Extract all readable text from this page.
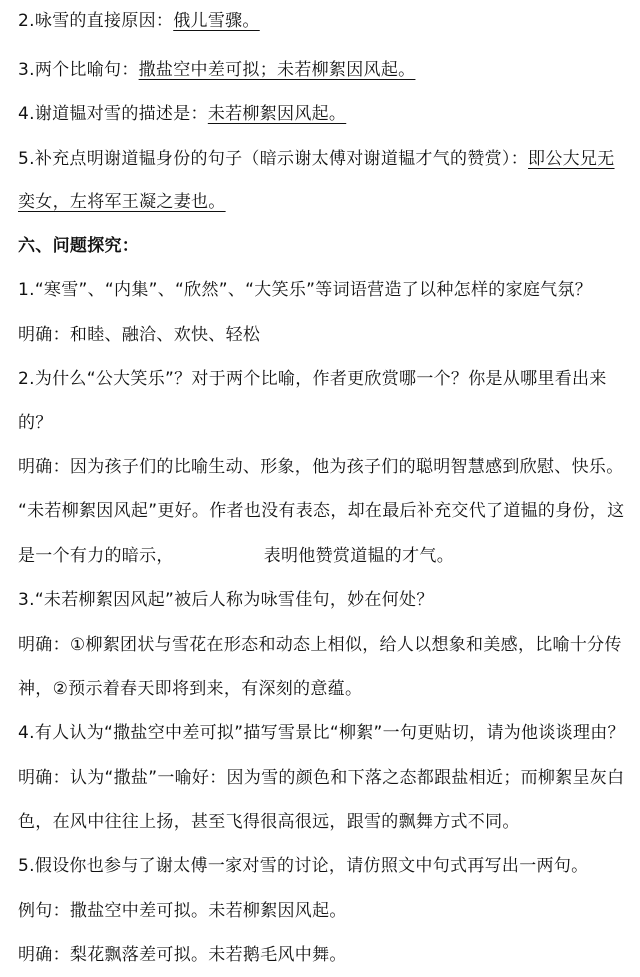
2.咏雪的直接原因：俄儿雪骤。
3.两个比喻句：撒盐空中差可拟；未若柳絮因风起。
4.谢道韫对雪的描述是：未若柳絮因风起。
5.补充点明谢道韫身份的句子（暗示谢太傅对谢道韫才气的赞赏）：即公大兄无
奕女，左将军王凝之妻也。
六、问题探究：
1.“寒雪”、“内集”、“欣然”、“大笑乐”等词语营造了以种怎样的家庭气氛？
明确：和睦、融洽、欢快、轻松
2.为什么“公大笑乐”？对于两个比喻，作者更欣赏哪一个？你是从哪里看出来
的？
明确：因为孩子们的比喻生动、形象，他为孩子们的聪明智慧感到欣慰、快乐。
“未若柳絮因风起”更好。作者也没有表态，却在最后补充交代了道韫的身份，这
是一个有力的暗示，	表明他赞赏道韫的才气。
3.“未若柳絮因风起”被后人称为咏雪佳句，妙在何处？
明确：①柳絮团状与雪花在形态和动态上相似，给人以想象和美感，比喻十分传
神，②预示着春天即将到来，有深刻的意蕴。
4.有人认为“撒盐空中差可拟”描写雪景比“柳絮”一句更贴切，请为他谈谈理由？
明确：认为“撒盐”一喻好：因为雪的颜色和下落之态都跟盐相近；而柳絮呈灰白
色，在风中往往上扬，甚至飞得很高很远，跟雪的飘舞方式不同。
5.假设你也参与了谢太傅一家对雪的讨论，请仿照文中句式再写出一两句。
例句：撒盐空中差可拟。未若柳絮因风起。
明确：梨花飘落差可拟。未若鹅毛风中舞。
